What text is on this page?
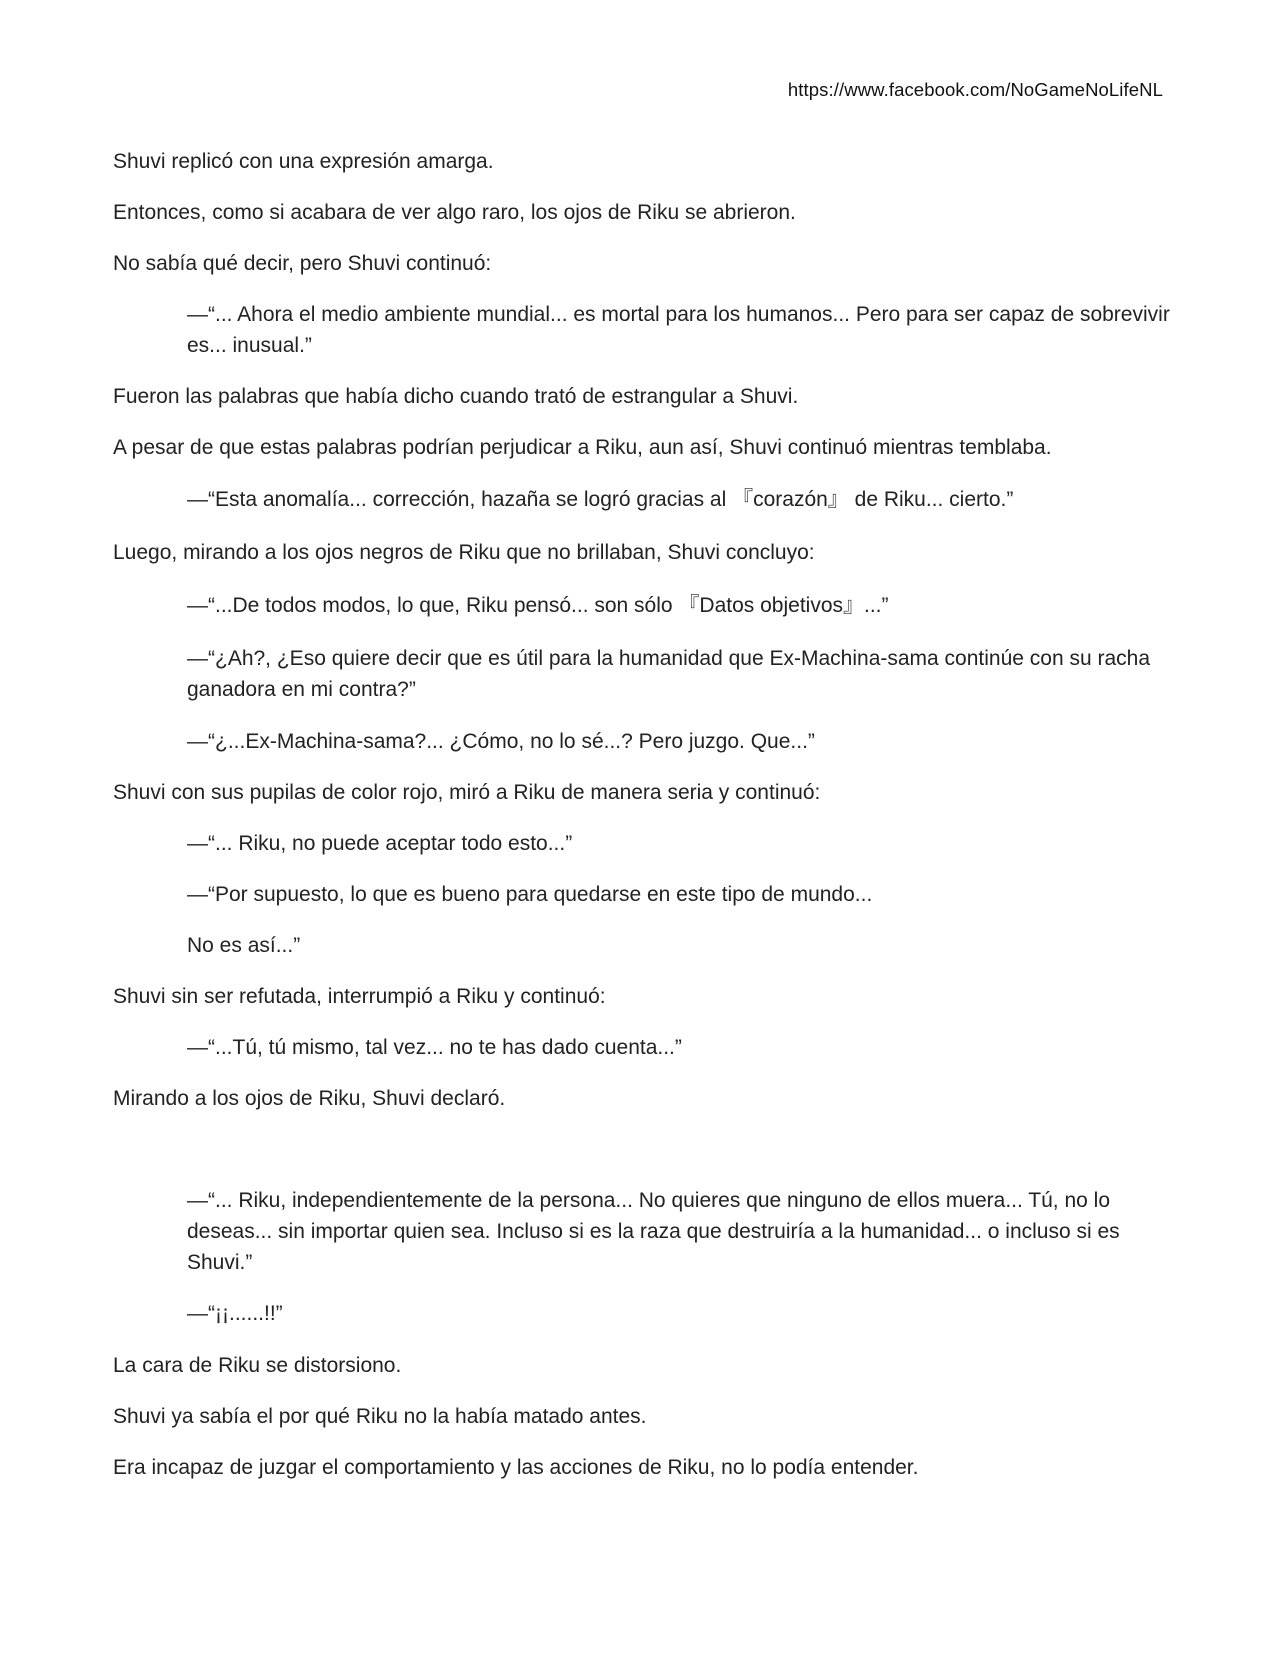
https://www.facebook.com/NoGameNoLifeNL

Shuvi replicó con una expresión amarga.

Entonces, como si acabara de ver algo raro, los ojos de Riku se abrieron.

No sabía qué decir, pero Shuvi continuó:

—“... Ahora el medio ambiente mundial... es mortal para los humanos... Pero para ser capaz de sobrevivir es... inusual.”

Fueron las palabras que había dicho cuando trató de estrangular a Shuvi.

A pesar de que estas palabras podrían perjudicar a Riku, aun así, Shuvi continuó mientras temblaba.

—“Esta anomalía... corrección, hazaña se logró gracias al 『corazón』 de Riku... cierto.”

Luego, mirando a los ojos negros de Riku que no brillaban, Shuvi concluyo:

—“...De todos modos, lo que, Riku pensó... son sólo 『Datos objetivos』...”

—“¿Ah?, ¿Eso quiere decir que es útil para la humanidad que Ex-Machina-sama continúe con su racha ganadora en mi contra?”

—“¿...Ex-Machina-sama?... ¿Cómo, no lo sé...? Pero juzgo. Que...”

Shuvi con sus pupilas de color rojo, miró a Riku de manera seria y continuó:

—“... Riku, no puede aceptar todo esto...”

—“Por supuesto, lo que es bueno para quedarse en este tipo de mundo...

No es así...”

Shuvi sin ser refutada, interrumpió a Riku y continuó:

—“...Tú, tú mismo, tal vez... no te has dado cuenta...”

Mirando a los ojos de Riku, Shuvi declaró.

—“... Riku, independientemente de la persona... No quieres que ninguno de ellos muera... Tú, no lo deseas... sin importar quien sea. Incluso si es la raza que destruiría a la humanidad... o incluso si es Shuvi.”

—“¡¡......!!”

La cara de Riku se distorsiono.

Shuvi ya sabía el por qué Riku no la había matado antes.

Era incapaz de juzgar el comportamiento y las acciones de Riku, no lo podía entender.
